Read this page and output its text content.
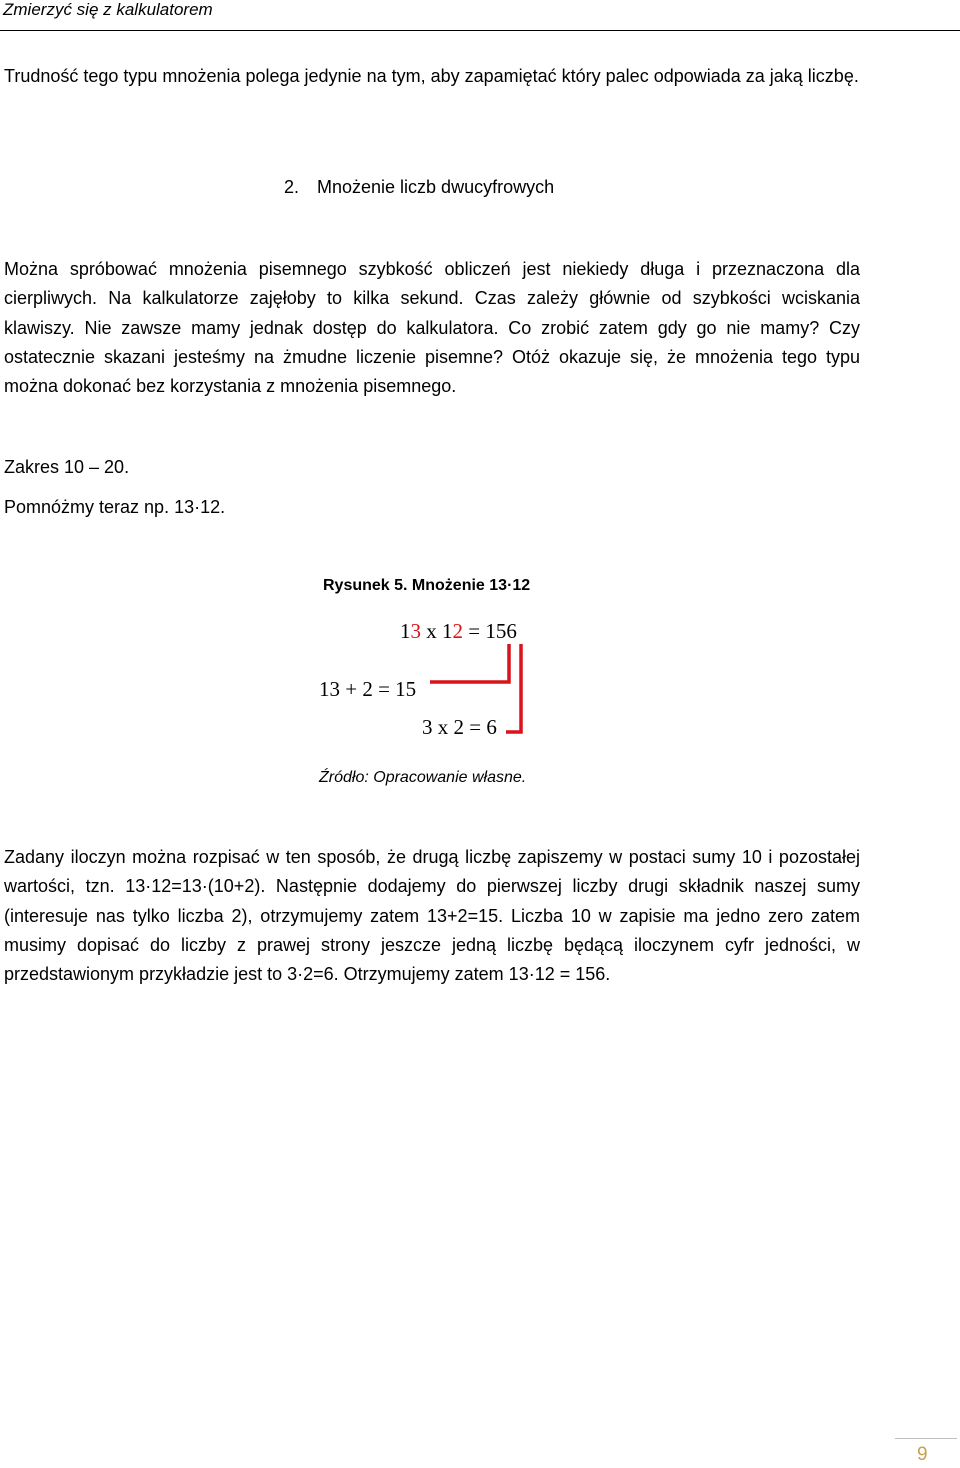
Zmierzyć się z kalkulatorem
Trudność tego typu mnożenia polega jedynie na tym, aby zapamiętać który palec odpowiada za jaką liczbę.
2. Mnożenie liczb dwucyfrowych
Można spróbować mnożenia pisemnego szybkość obliczeń jest niekiedy długa i przeznaczona dla cierpliwych. Na kalkulatorze zajęłoby to kilka sekund. Czas zależy głównie od szybkości wciskania klawiszy. Nie zawsze mamy jednak dostęp do kalkulatora. Co zrobić zatem gdy go nie mamy? Czy ostatecznie skazani jesteśmy na żmudne liczenie pisemne? Otóż okazuje się, że mnożenia tego typu można dokonać bez korzystania z mnożenia pisemnego.
Zakres 10 – 20.
Pomnóżmy teraz np. 13·12.
Rysunek 5. Mnożenie 13·12
13 x 12 = 156
13 + 2 = 15
3 x 2 = 6
Źródło: Opracowanie własne.
Zadany iloczyn można rozpisać w ten sposób, że drugą liczbę zapiszemy w postaci sumy 10 i pozostałej wartości, tzn. 13·12=13·(10+2). Następnie dodajemy do pierwszej liczby drugi składnik naszej sumy (interesuje nas tylko liczba 2), otrzymujemy zatem 13+2=15. Liczba 10 w zapisie ma jedno zero zatem musimy dopisać do liczby z prawej strony jeszcze jedną liczbę będącą iloczynem cyfr jedności, w przedstawionym przykładzie jest to 3·2=6. Otrzymujemy zatem 13·12 = 156.
9
